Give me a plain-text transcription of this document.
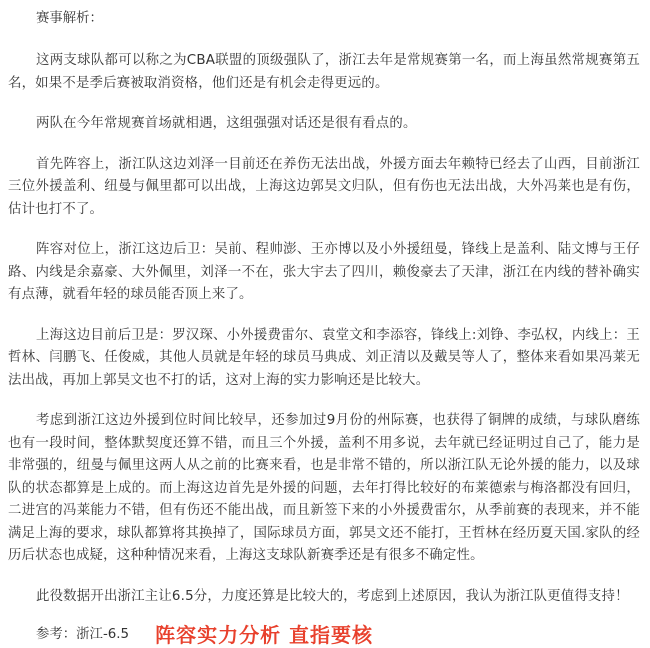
赛事解析：

这两支球队都可以称之为CBA联盟的顶级强队了，浙江去年是常规赛第一名，而上海虽然常规赛第五名，如果不是季后赛被取消资格，他们还是有机会走得更远的。

两队在今年常规赛首场就相遇，这组强强对话还是很有看点的。

首先阵容上，浙江队这边刘泽一目前还在养伤无法出战，外援方面去年赖特已经去了山西，目前浙江三位外援盖利、纽曼与佩里都可以出战，上海这边郭昊文归队，但有伤也无法出战，大外冯莱也是有伤，估计也打不了。

阵容对位上，浙江这边后卫：吴前、程帅澎、王亦博以及小外援纽曼，锋线上是盖利、陆文博与王仔路、内线是余嘉豪、大外佩里，刘泽一不在，张大宇去了四川，赖俊豪去了天津，浙江在内线的替补确实有点薄，就看年轻的球员能否顶上来了。

上海这边目前后卫是：罗汉琛、小外援费雷尔、袁堂文和李添容，锋线上:刘铮、李弘权，内线上：王哲林、闫鹏飞、任俊威，其他人员就是年轻的球员马典成、刘正清以及戴昊等人了，整体来看如果冯莱无法出战，再加上郭昊文也不打的话，这对上海的实力影响还是比较大。

考虑到浙江这边外援到位时间比较早，还参加过9月份的州际赛，也获得了铜牌的成绩，与球队磨练也有一段时间，整体默契度还算不错，而且三个外援，盖利不用多说，去年就已经证明过自己了，能力是非常强的，纽曼与佩里这两人从之前的比赛来看，也是非常不错的，所以浙江队无论外援的能力，以及球队的状态都算是上成的。而上海这边首先是外援的问题，去年打得比较好的布莱德索与梅洛都没有回归，二进宫的冯莱能力不错，但有伤还不能出战，而且新签下来的小外援费雷尔，从季前赛的表现来，并不能满足上海的要求，球队都算将其换掉了，国际球员方面，郭昊文还不能打，王哲林在经历夏天国.家队的经历后状态也成疑，这种种情况来看，上海这支球队新赛季还是有很多不确定性。

此役数据开出浙江主让6.5分，力度还算是比较大的，考虑到上述原因，我认为浙江队更值得支持！

参考：浙江-6.5 阵容实力分析 直指要核
